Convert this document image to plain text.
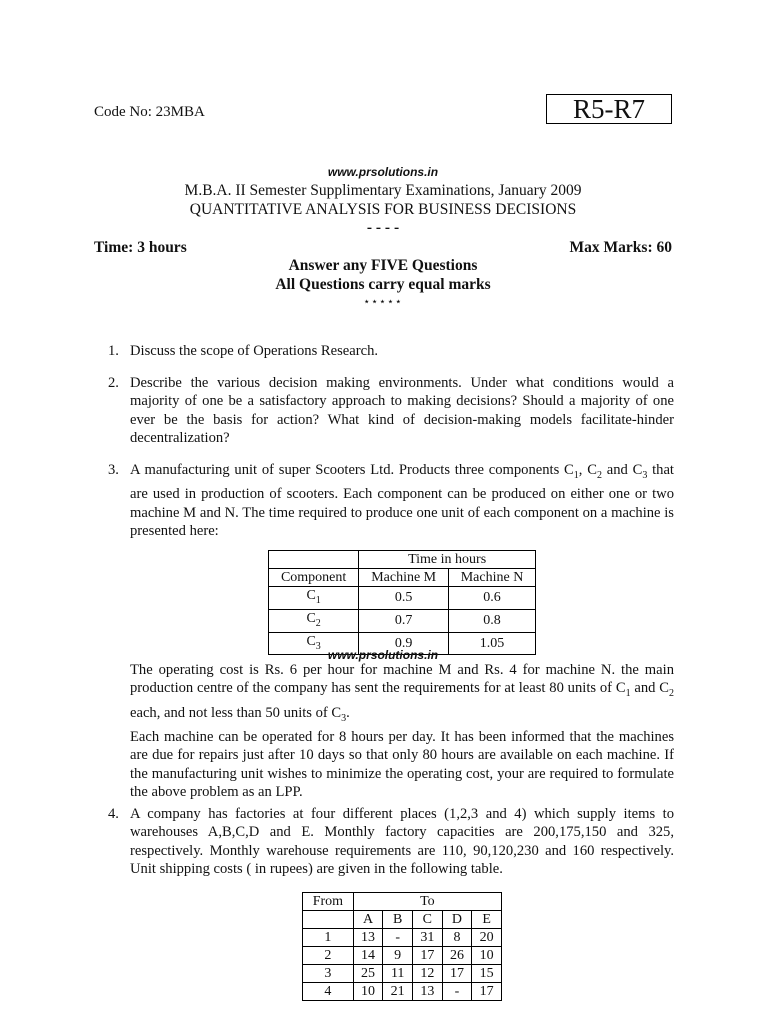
Code No: 23MBA	R5-R7
www.prsolutions.in
M.B.A. II Semester Supplimentary Examinations, January 2009
QUANTITATIVE ANALYSIS FOR BUSINESS DECISIONS
- - - -
Time: 3 hours	Max Marks: 60
Answer any FIVE Questions
All Questions carry equal marks
⋆⋆⋆⋆⋆
1. Discuss the scope of Operations Research.
2. Describe the various decision making environments. Under what conditions would a majority of one be a satisfactory approach to making decisions? Should a majority of one ever be the basis for action? What kind of decision-making models facilitate-hinder decentralization?
3. A manufacturing unit of super Scooters Ltd. Products three components $C_1$, $C_2$ and $C_3$ that are used in production of scooters. Each component can be produced on either one or two machine M and N. The time required to produce one unit of each component on a machine is presented here:
	Time in hours	
Component	Machine M	Machine N
$C_1$	0.5	0.6
$C_2$	0.7	0.8
$C_3$	0.9	1.05
www.prsolutions.in
The operating cost is Rs. 6 per hour for machine M and Rs. 4 for machine N. the main production centre of the company has sent the requirements for at least 80 units of $C_1$ and $C_2$ each, and not less than 50 units of $C_3$.
Each machine can be operated for 8 hours per day. It has been informed that the machines are due for repairs just after 10 days so that only 80 hours are available on each machine. If the manufacturing unit wishes to minimize the operating cost, your are required to formulate the above problem as an LPP.
4. A company has factories at four different places (1,2,3 and 4) which supply items to warehouses A,B,C,D and E. Monthly factory capacities are 200,175,150 and 325, respectively. Monthly warehouse requirements are 110, 90,120,230 and 160 respectively. Unit shipping costs ( in rupees) are given in the following table.
From	To				
	A	B	C	D	E
1	13	-	31	8	20
2	14	9	17	26	10
3	25	11	12	17	15
4	10	21	13	-	17
